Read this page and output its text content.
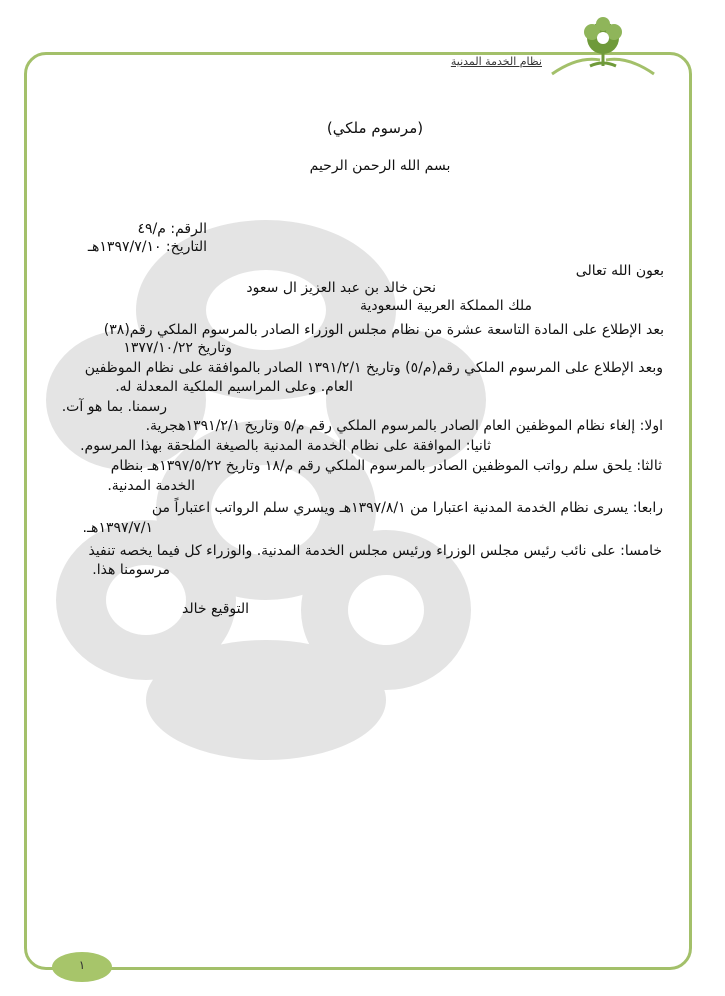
نظام الخدمة المدنية
(مرسوم ملكي)
بسم الله الرحمن الرحيم
الرقم: م/٤٩
التاريخ: ١٣٩٧/٧/١٠هـ
بعون الله تعالى
نحن خالد بن عبد العزيز ال سعود
ملك المملكة العربية السعودية
بعد الإطلاع على المادة التاسعة عشرة من نظام مجلس الوزراء الصادر بالمرسوم الملكي رقم(٣٨)
وتاريخ ١٣٧٧/١٠/٢٢
وبعد الإطلاع على المرسوم الملكي رقم(م/٥) وتاريخ ١٣٩١/٢/١ الصادر بالموافقة على نظام الموظفين
العام. وعلى المراسيم الملكية المعدلة له.
رسمنا. بما هو آت.
اولا: إلغاء نظام الموظفين العام الصادر بالمرسوم الملكي رقم م/٥ وتاريخ ١٣٩١/٢/١هجرية.
ثانيا: الموافقة على نظام الخدمة المدنية بالصيغة الملحقة بهذا المرسوم.
ثالثا: يلحق سلم رواتب الموظفين الصادر بالمرسوم الملكي رقم م/١٨ وتاريخ ١٣٩٧/٥/٢٢هـ بنظام
الخدمة المدنية.
رابعا: يسرى نظام الخدمة المدنية اعتبارا من ١٣٩٧/٨/١هـ ويسري سلم الرواتب اعتباراً من
١٣٩٧/٧/١هـ.
خامسا: على نائب رئيس مجلس الوزراء ورئيس مجلس الخدمة المدنية. والوزراء كل فيما يخصه تنفيذ
مرسومنا هذا.
التوقيع خالد
١
